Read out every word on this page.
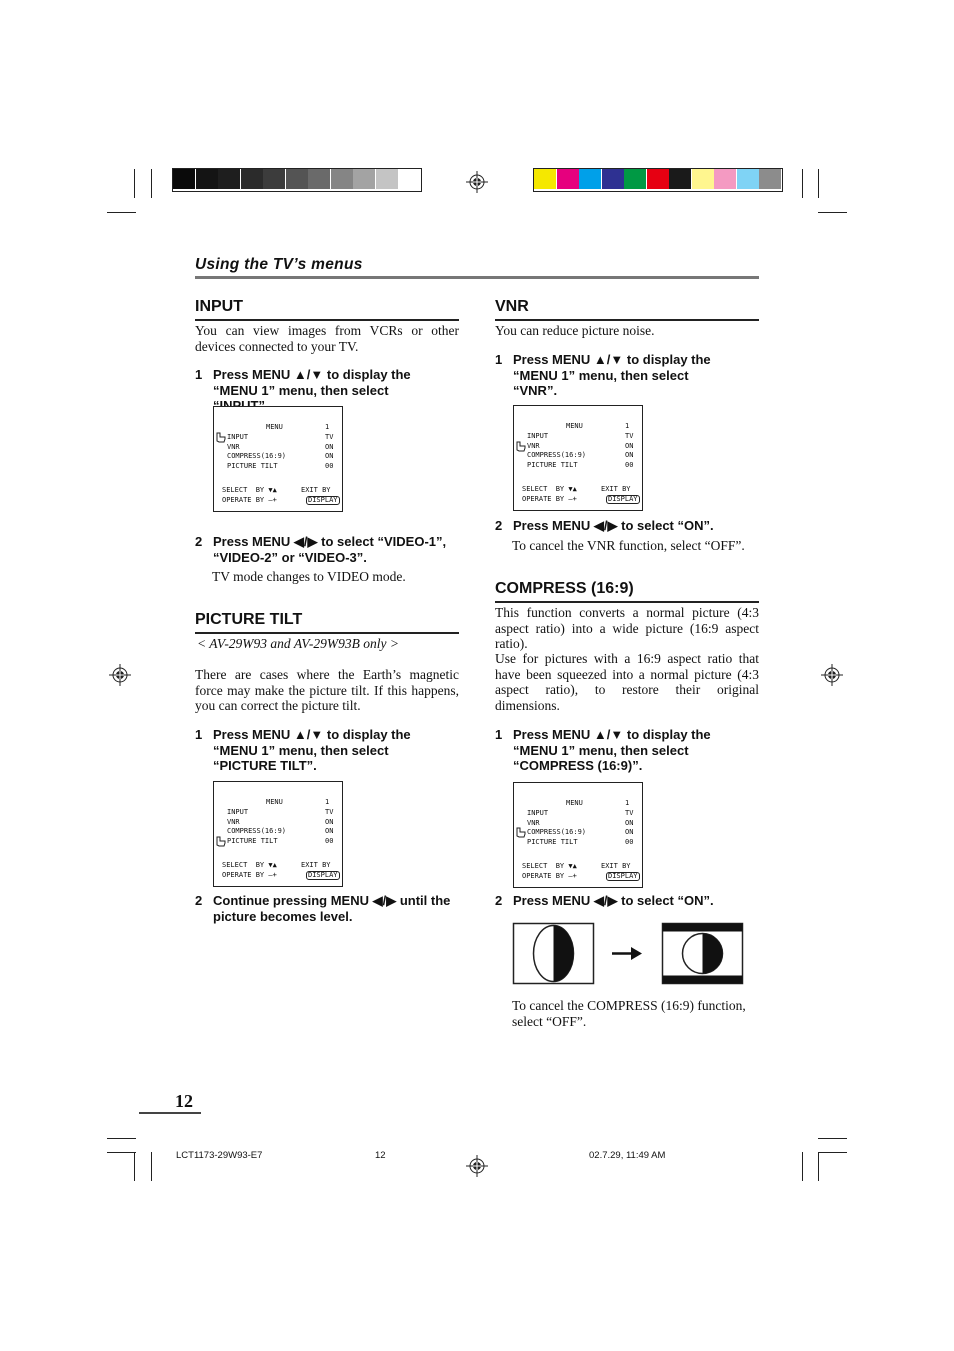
Using the TV’s menus
INPUT
You can view images from VCRs or other devices connected to your TV.
1 Press MENU ▲/▼ to display the “MENU 1” menu, then select
MENU	1
INPUT	TV
VNR	ON
COMPRESS(16:9)	ON
PICTURE TILT	00
SELECT  BY ▼▲	EXIT BY
OPERATE BY —+	DISPLAY
2 Press MENU ◀/▶ to select “VIDEO-1”, “VIDEO-2” or “VIDEO-3”.
TV mode changes to VIDEO mode.
PICTURE TILT
< AV-29W93 and AV-29W93B only >
There are cases where the Earth’s magnetic force may make the picture tilt. If this happens, you can correct the picture tilt.
1 Press MENU ▲/▼ to display the “MENU 1” menu, then select “PICTURE TILT”.
MENU	1
INPUT	TV
VNR	ON
COMPRESS(16:9)	ON
PICTURE TILT	00
SELECT  BY ▼▲	EXIT BY
OPERATE BY —+	DISPLAY
2 Continue pressing MENU ◀/▶ until the picture becomes level.
VNR
You can reduce picture noise.
1 Press MENU ▲/▼ to display the “MENU 1” menu, then select “VNR”.
MENU	1
INPUT	TV
VNR	ON
COMPRESS(16:9)	ON
PICTURE TILT	00
SELECT  BY ▼▲	EXIT BY
OPERATE BY —+	DISPLAY
2 Press MENU ◀/▶ to select “ON”.
To cancel the VNR function, select “OFF”.
COMPRESS (16:9)
This function converts a normal picture (4:3 aspect ratio) into a wide picture (16:9 aspect ratio).
Use for pictures with a 16:9 aspect ratio that have been squeezed into a normal picture (4:3 aspect ratio), to restore their original dimensions.
1 Press MENU ▲/▼ to display the “MENU 1” menu, then select “COMPRESS (16:9)”.
MENU	1
INPUT	TV
VNR	ON
COMPRESS(16:9)	ON
PICTURE TILT	00
SELECT  BY ▼▲	EXIT BY
OPERATE BY —+	DISPLAY
2 Press MENU ◀/▶ to select “ON”.
To cancel the COMPRESS (16:9) function, select “OFF”.
12
LCT1173-29W93-E7	12	02.7.29, 11:49 AM
